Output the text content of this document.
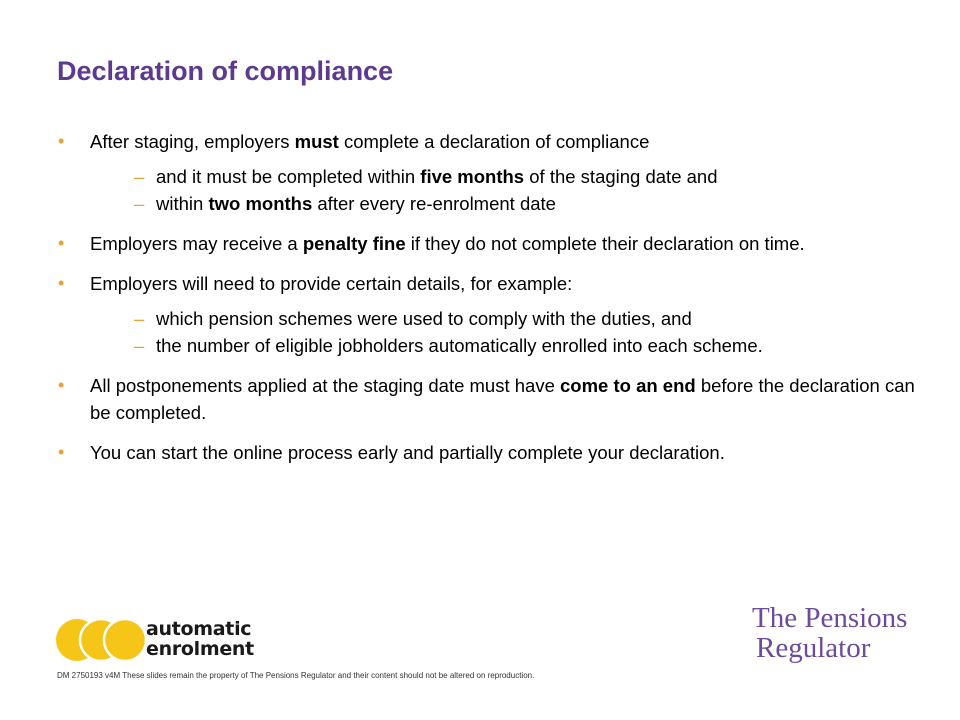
Declaration of compliance
• After staging, employers must complete a declaration of compliance
– and it must be completed within five months of the staging date and
– within two months after every re-enrolment date
• Employers may receive a penalty fine if they do not complete their declaration on time.
• Employers will need to provide certain details, for example:
– which pension schemes were used to comply with the duties, and
– the number of eligible jobholders automatically enrolled into each scheme.
• All postponements applied at the staging date must have come to an end before the declaration can be completed.
• You can start the online process early and partially complete your declaration.
automatic
enrolment
The Pensions
Regulator
DM 2750193 v4M These slides remain the property of The Pensions Regulator and their content should not be altered on reproduction.
